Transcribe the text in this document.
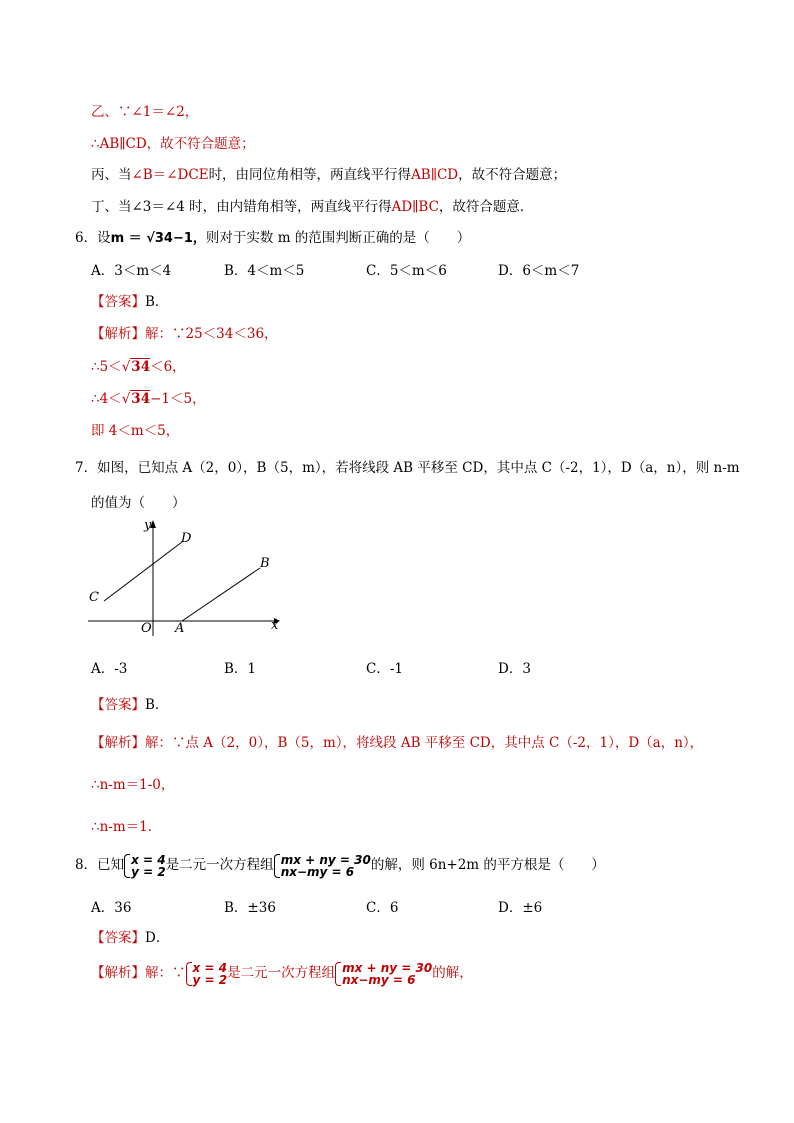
乙、∵∠1＝∠2，
∴AB∥CD，故不符合题意；
丙、当∠B＝∠DCE时，由同位角相等，两直线平行得AB∥CD，故不符合题意；
丁、当∠3＝∠4 时，由内错角相等，两直线平行得AD∥BC，故符合题意．
6．设m ＝ √34−1，则对于实数 m 的范围判断正确的是（　　）
A．3＜m＜4	B．4＜m＜5	C．5＜m＜6	D．6＜m＜7
【答案】B．
【解析】解：∵25＜34＜36，
∴5＜√34＜6，
∴4＜√34−1＜5，
即 4＜m＜5，
7．如图，已知点 A（2，0），B（5，m），若将线段 AB 平移至 CD，其中点 C（-2，1），D（a，n），则 n-m
的值为（　　）
y
x
O A
B
C
D
A．-3	B．1	C．-1	D．3
【答案】B．
【解析】解：∵点 A（2，0），B（5，m），将线段 AB 平移至 CD，其中点 C（-2，1），D（a，n），
∴n-m＝1-0，
∴n-m＝1．
8．已知 x = 4
y = 2 是二元一次方程组 mx + ny = 30
nx−my = 6	的解，则 6n+2m 的平方根是（　　）
A．36	B．±36	C．6	D．±6
【答案】D．
【解析】解：∵ x = 4
y = 2 是二元一次方程组 mx + ny = 30
nx−my = 6	的解，
